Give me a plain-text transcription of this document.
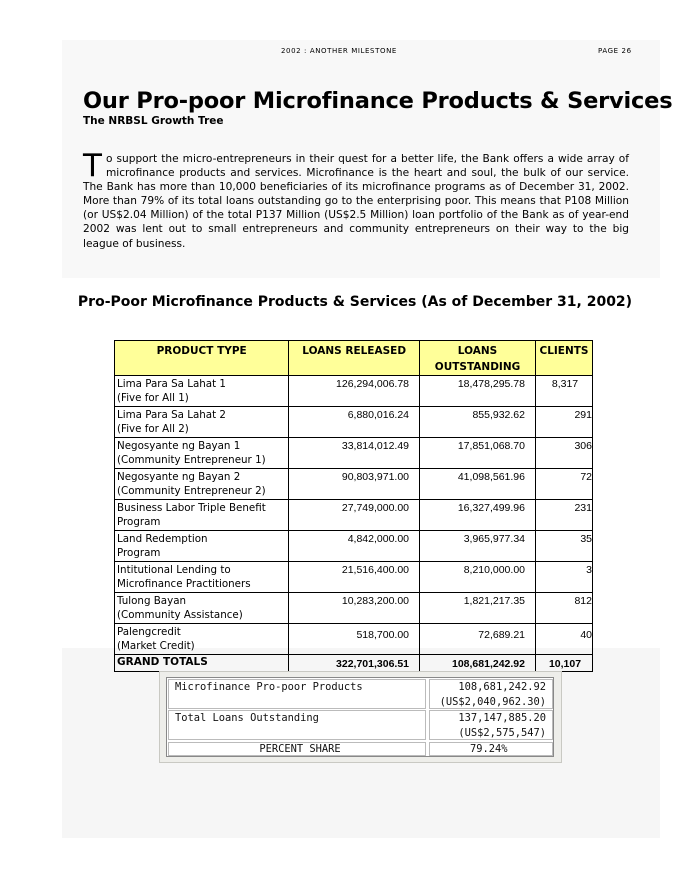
2002 : ANOTHER MILESTONE	PAGE 26
Our Pro-poor Microfinance Products & Services
The NRBSL Growth Tree
To support the micro-entrepreneurs in their quest for a better life, the Bank offers a wide array of microfinance products and services. Microfinance is the heart and soul, the bulk of our service. The Bank has more than 10,000 beneficiaries of its microfinance programs as of December 31, 2002. More than 79% of its total loans outstanding go to the enterprising poor. This means that P108 Million (or US$2.04 Million) of the total P137 Million (US$2.5 Million) loan portfolio of the Bank as of year-end 2002 was lent out to small entrepreneurs and community entrepreneurs on their way to the big league of business.
Pro-Poor Microfinance Products & Services (As of December 31, 2002)
PRODUCT TYPE	LOANS RELEASED	LOANS OUTSTANDING	CLIENTS
Lima Para Sa Lahat 1
(Five for All 1)	126,294,006.78	18,478,295.78	8,317
Lima Para Sa Lahat 2
(Five for All 2)	6,880,016.24	855,932.62	291
Negosyante ng Bayan 1
(Community Entrepreneur 1)	33,814,012.49	17,851,068.70	306
Negosyante ng Bayan 2
(Community Entrepreneur 2)	90,803,971.00	41,098,561.96	72
Business Labor Triple Benefit
Program	27,749,000.00	16,327,499.96	231
Land Redemption
Program	4,842,000.00	3,965,977.34	35
Intitutional Lending to
Microfinance Practitioners	21,516,400.00	8,210,000.00	3
Tulong Bayan
(Community Assistance)	10,283,200.00	1,821,217.35	812
Palengcredit
(Market Credit)	518,700.00	72,689.21	40
GRAND TOTALS	322,701,306.51	108,681,242.92	10,107
Microfinance Pro-poor Products	108,681,242.92
(US$2,040,962.30)
Total Loans Outstanding	137,147,885.20
(US$2,575,547)
PERCENT SHARE	79.24%
